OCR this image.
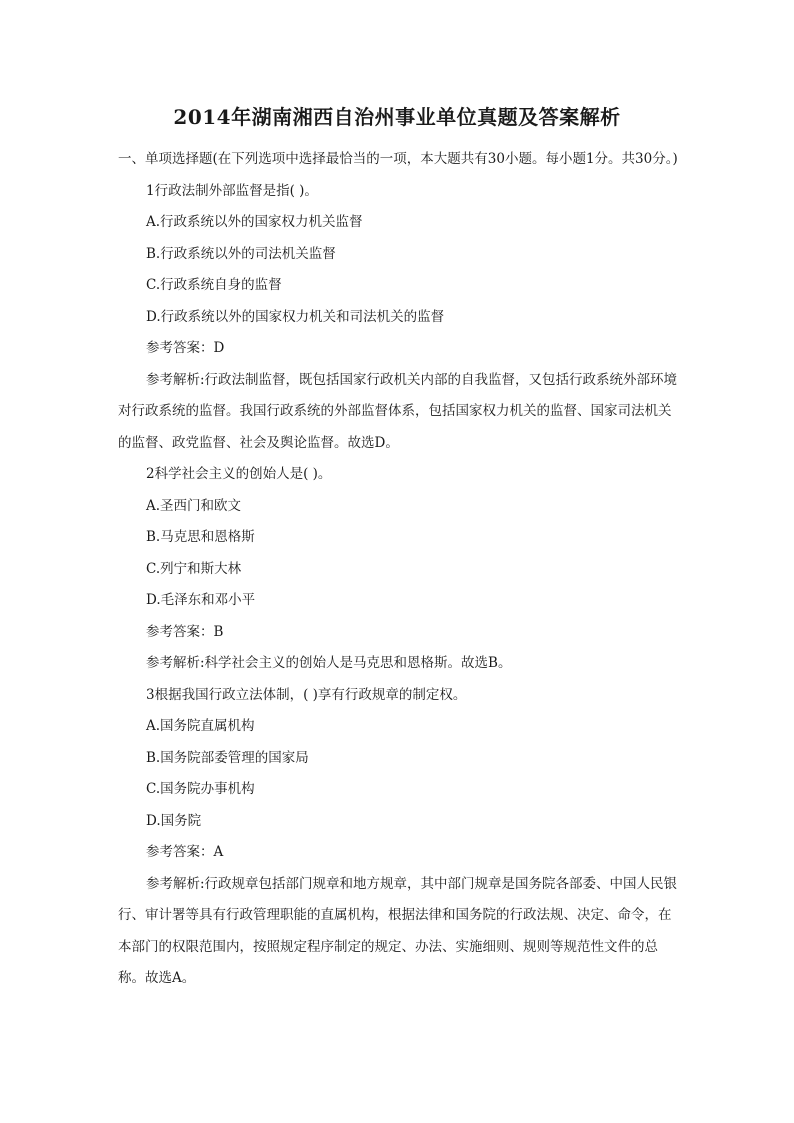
2014年湖南湘西自治州事业单位真题及答案解析

一、单项选择题(在下列选项中选择最恰当的一项，本大题共有30小题。每小题1分。共30分。)

1行政法制外部监督是指( )。

A.行政系统以外的国家权力机关监督

B.行政系统以外的司法机关监督

C.行政系统自身的监督

D.行政系统以外的国家权力机关和司法机关的监督

参考答案：D

参考解析:行政法制监督，既包括国家行政机关内部的自我监督，又包括行政系统外部环境对行政系统的监督。我国行政系统的外部监督体系，包括国家权力机关的监督、国家司法机关的监督、政党监督、社会及舆论监督。故选D。

2科学社会主义的创始人是( )。

A.圣西门和欧文

B.马克思和恩格斯

C.列宁和斯大林

D.毛泽东和邓小平

参考答案：B

参考解析:科学社会主义的创始人是马克思和恩格斯。故选B。

3根据我国行政立法体制，( )享有行政规章的制定权。

A.国务院直属机构

B.国务院部委管理的国家局

C.国务院办事机构

D.国务院

参考答案：A

参考解析:行政规章包括部门规章和地方规章，其中部门规章是国务院各部委、中国人民银行、审计署等具有行政管理职能的直属机构，根据法律和国务院的行政法规、决定、命令，在本部门的权限范围内，按照规定程序制定的规定、办法、实施细则、规则等规范性文件的总称。故选A。
